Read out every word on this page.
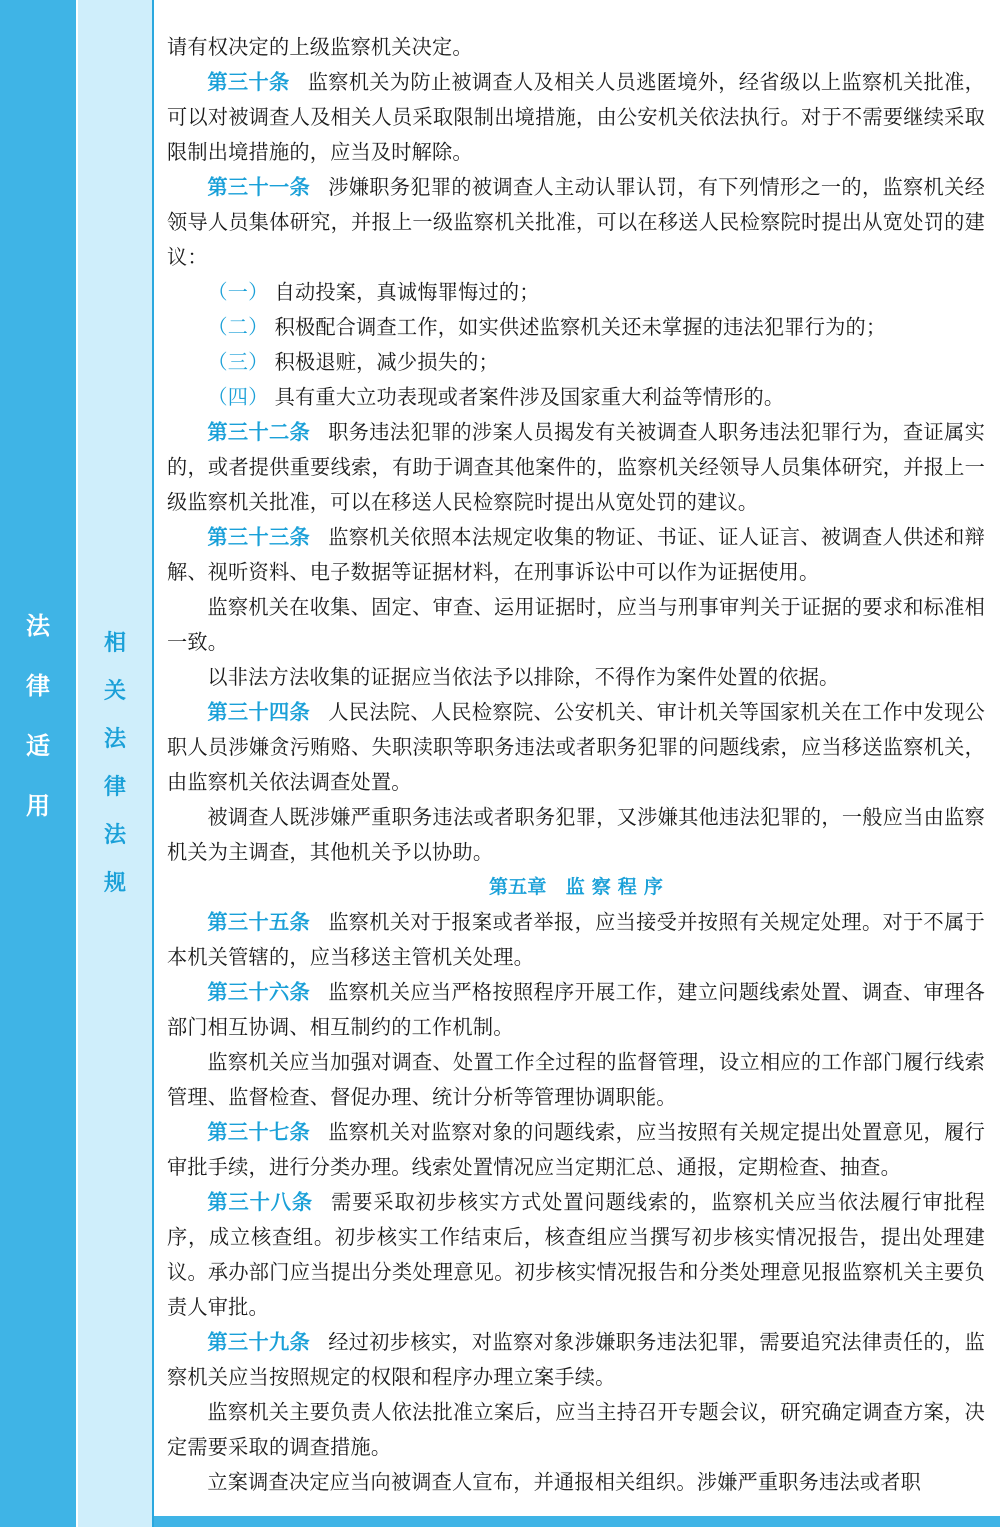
法
律
适
用
相
关
法
律
法
规

请有权决定的上级监察机关决定。

第三十条 监察机关为防止被调查人及相关人员逃匿境外，经省级以上监察机关批准，可以对被调查人及相关人员采取限制出境措施，由公安机关依法执行。对于不需要继续采取限制出境措施的，应当及时解除。

第三十一条 涉嫌职务犯罪的被调查人主动认罪认罚，有下列情形之一的，监察机关经领导人员集体研究，并报上一级监察机关批准，可以在移送人民检察院时提出从宽处罚的建议：

（一） 自动投案，真诚悔罪悔过的；

（二） 积极配合调查工作，如实供述监察机关还未掌握的违法犯罪行为的；

（三） 积极退赃，减少损失的；

（四） 具有重大立功表现或者案件涉及国家重大利益等情形的。

第三十二条 职务违法犯罪的涉案人员揭发有关被调查人职务违法犯罪行为，查证属实的，或者提供重要线索，有助于调查其他案件的，监察机关经领导人员集体研究，并报上一级监察机关批准，可以在移送人民检察院时提出从宽处罚的建议。

第三十三条 监察机关依照本法规定收集的物证、书证、证人证言、被调查人供述和辩解、视听资料、电子数据等证据材料，在刑事诉讼中可以作为证据使用。

监察机关在收集、固定、审查、运用证据时，应当与刑事审判关于证据的要求和标准相一致。

以非法方法收集的证据应当依法予以排除，不得作为案件处置的依据。

第三十四条 人民法院、人民检察院、公安机关、审计机关等国家机关在工作中发现公职人员涉嫌贪污贿赂、失职渎职等职务违法或者职务犯罪的问题线索，应当移送监察机关，由监察机关依法调查处置。

被调查人既涉嫌严重职务违法或者职务犯罪，又涉嫌其他违法犯罪的，一般应当由监察机关为主调查，其他机关予以协助。

第五章　监 察 程 序

第三十五条 监察机关对于报案或者举报，应当接受并按照有关规定处理。对于不属于本机关管辖的，应当移送主管机关处理。

第三十六条 监察机关应当严格按照程序开展工作，建立问题线索处置、调查、审理各部门相互协调、相互制约的工作机制。

监察机关应当加强对调查、处置工作全过程的监督管理，设立相应的工作部门履行线索管理、监督检查、督促办理、统计分析等管理协调职能。

第三十七条 监察机关对监察对象的问题线索，应当按照有关规定提出处置意见，履行审批手续，进行分类办理。线索处置情况应当定期汇总、通报，定期检查、抽查。

第三十八条 需要采取初步核实方式处置问题线索的，监察机关应当依法履行审批程序，成立核查组。初步核实工作结束后，核查组应当撰写初步核实情况报告，提出处理建议。承办部门应当提出分类处理意见。初步核实情况报告和分类处理意见报监察机关主要负责人审批。

第三十九条 经过初步核实，对监察对象涉嫌职务违法犯罪，需要追究法律责任的，监察机关应当按照规定的权限和程序办理立案手续。

监察机关主要负责人依法批准立案后，应当主持召开专题会议，研究确定调查方案，决定需要采取的调查措施。

立案调查决定应当向被调查人宣布，并通报相关组织。涉嫌严重职务违法或者职
